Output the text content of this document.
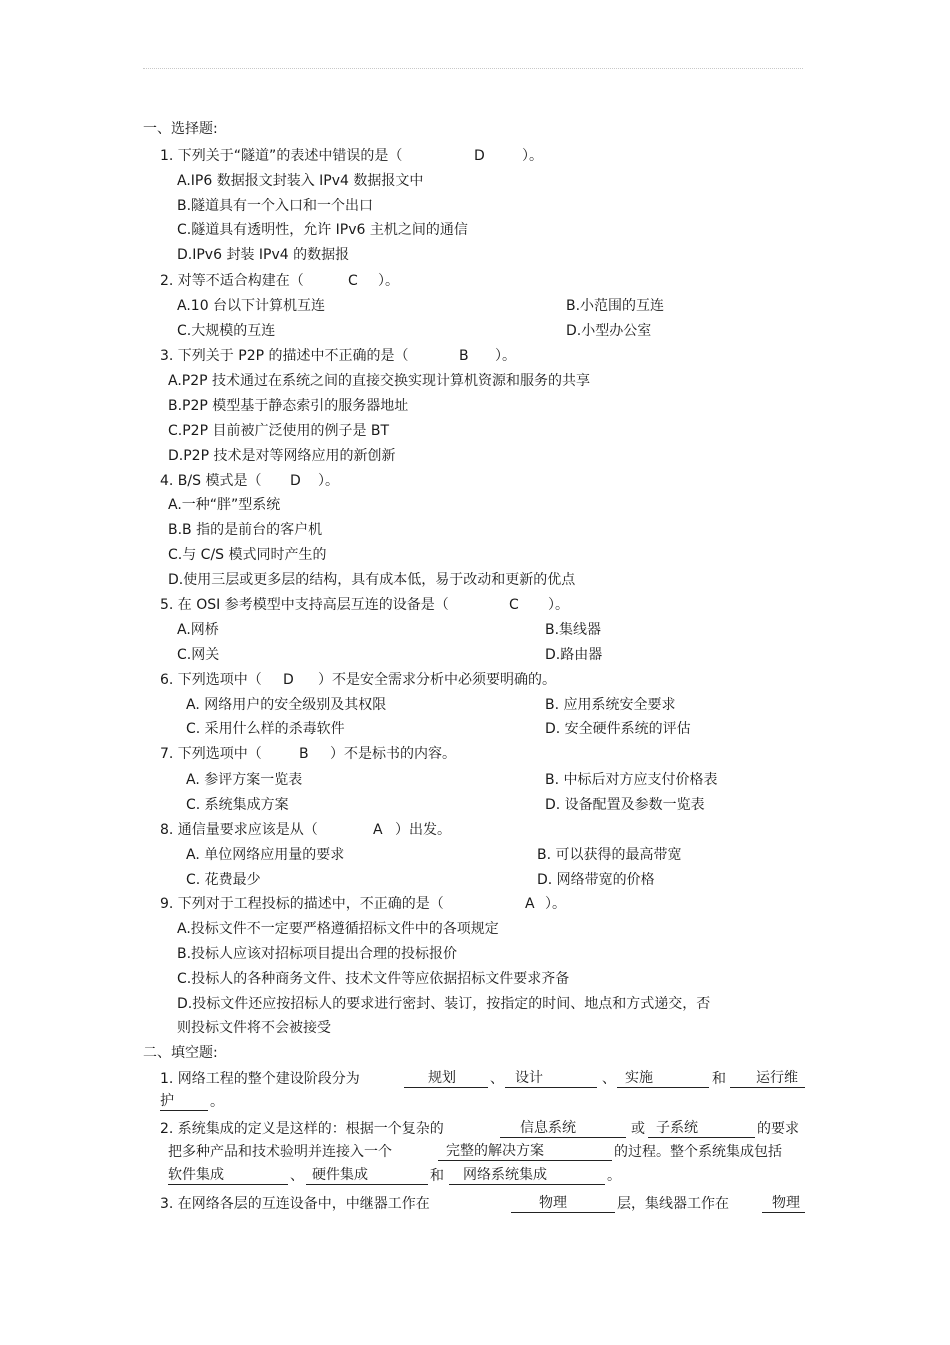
一、选择题:
1. 下列关于“隧道”的表述中错误的是（	D	）。
A.IP6 数据报文封装入 IPv4 数据报文中
B.隧道具有一个入口和一个出口
C.隧道具有透明性，允许 IPv6 主机之间的通信
D.IPv6 封装 IPv4 的数据报
2. 对等不适合构建在（	C ）。
A.10 台以下计算机互连	B.小范围的互连
C.大规模的互连	D.小型办公室
3. 下列关于 P2P 的描述中不正确的是（	B ）。
A.P2P 技术通过在系统之间的直接交换实现计算机资源和服务的共享
B.P2P 模型基于静态索引的服务器地址
C.P2P 目前被广泛使用的例子是 BT
D.P2P 技术是对等网络应用的新创新
4. B/S 模式是（ D ）。
A.一种“胖”型系统
B.B 指的是前台的客户机
C.与 C/S 模式同时产生的
D.使用三层或更多层的结构，具有成本低，易于改动和更新的优点
5. 在 OSI 参考模型中支持高层互连的设备是（	C ）。
A.网桥	B.集线器
C.网关	D.路由器
6. 下列选项中（ D ）不是安全需求分析中必须要明确的。
A. 网络用户的安全级别及其权限	B. 应用系统安全要求
C. 采用什么样的杀毒软件	D. 安全硬件系统的评估
7. 下列选项中（	B ）不是标书的内容。
A. 参评方案一览表	B. 中标后对方应支付价格表
C. 系统集成方案	D. 设备配置及参数一览表
8. 通信量要求应该是从（	A ）出发。
A. 单位网络应用量的要求	B. 可以获得的最高带宽
C. 花费最少	D. 网络带宽的价格
9. 下列对于工程投标的描述中，不正确的是（	A ）。
A.投标文件不一定要严格遵循招标文件中的各项规定
B.投标人应该对招标项目提出合理的投标报价
C.投标人的各种商务文件、技术文件等应依据招标文件要求齐备
D.投标文件还应按招标人的要求进行密封、装订，按指定的时间、地点和方式递交，否
则投标文件将不会被接受
二、填空题:
1. 网络工程的整个建设阶段分为	规划 、 设计	、 实施	和 运行维
护	。
2. 系统集成的定义是这样的：根据一个复杂的	信息系统	或 子系统	的要求
把多种产品和技术验明并连接入一个	完整的解决方案	的过程。整个系统集成包括
软件集成	、 硬件集成	和 网络系统集成	。
3. 在网络各层的互连设备中，中继器工作在	物理	层，集线器工作在	物理
